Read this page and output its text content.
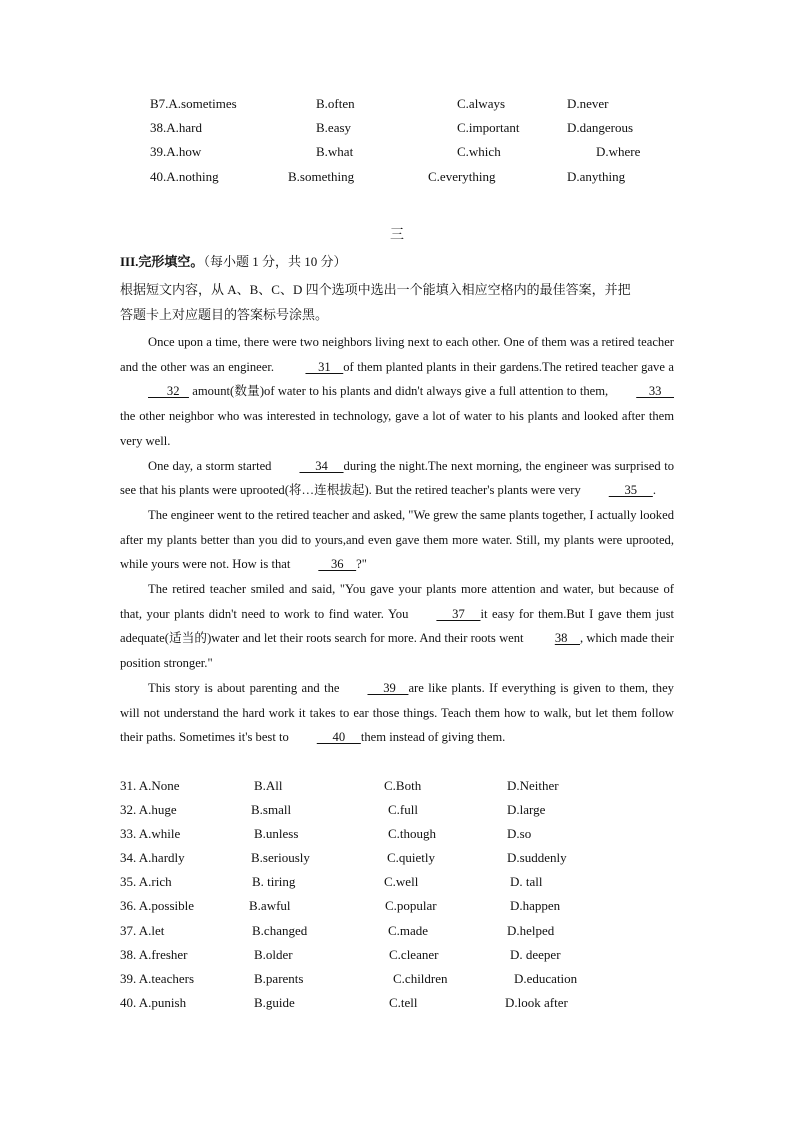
B7.A.sometimes	B.often	C.always	D.never
38.A.hard	B.easy	C.important	D.dangerous
39.A.how	B.what	C.which	D.where
40.A.nothing	B.something	C.everything	D.anything
三
III.完形填空。（每小题 1 分，共 10 分）
根据短文内容，从 A、B、C、D 四个选项中选出一个能填入相应空格内的最佳答案，并把
答题卡上对应题目的答案标号涂黑。

Once upon a time, there were two neighbors living next to each other. One of them was a retired teacher and the other was an engineer.     31    of them planted plants in their gardens.The retired teacher gave a      32    amount(数量)of water to his plants and didn't always give a full attention to them,    33    the other neighbor who was interested in technology, gave a lot of water to his plants and looked after them very well.

One day, a storm started     34     during the night.The next morning, the engineer was surprised to see that his plants were uprooted(将…连根拔起). But the retired teacher's plants were very     35     .

The engineer went to the retired teacher and asked, "We grew the same plants together, I actually looked after my plants better than you did to yours,and even gave them more water. Still, my plants were uprooted, while yours were not. How is that    36    ?"

The retired teacher smiled and said, "You gave your plants more attention and water, but because of that, your plants didn't need to work to find water. You     37     it easy for them.But I gave them just adequate(适当的)water and let their roots search for more. And their roots went 38    , which made their position stronger."

This story is about parenting and the     39    are like plants. If everything is given to them, they will not understand the hard work it takes to ear those things. Teach them how to walk, but let them follow their paths. Sometimes it's best to     40     them instead of giving them.

31. A.None	B.All	C.Both	D.Neither
32. A.huge	B.small	C.full	D.large
33. A.while	B.unless	C.though	D.so
34. A.hardly	B.seriously	C.quietly	D.suddenly
35. A.rich	B. tiring	C.well	D. tall
36. A.possible	B.awful	C.popular	D.happen
37. A.let	B.changed	C.made	D.helped
38. A.fresher	B.older	C.cleaner	D. deeper
39. A.teachers	B.parents	C.children	D.education
40. A.punish	B.guide	C.tell	D.look after
